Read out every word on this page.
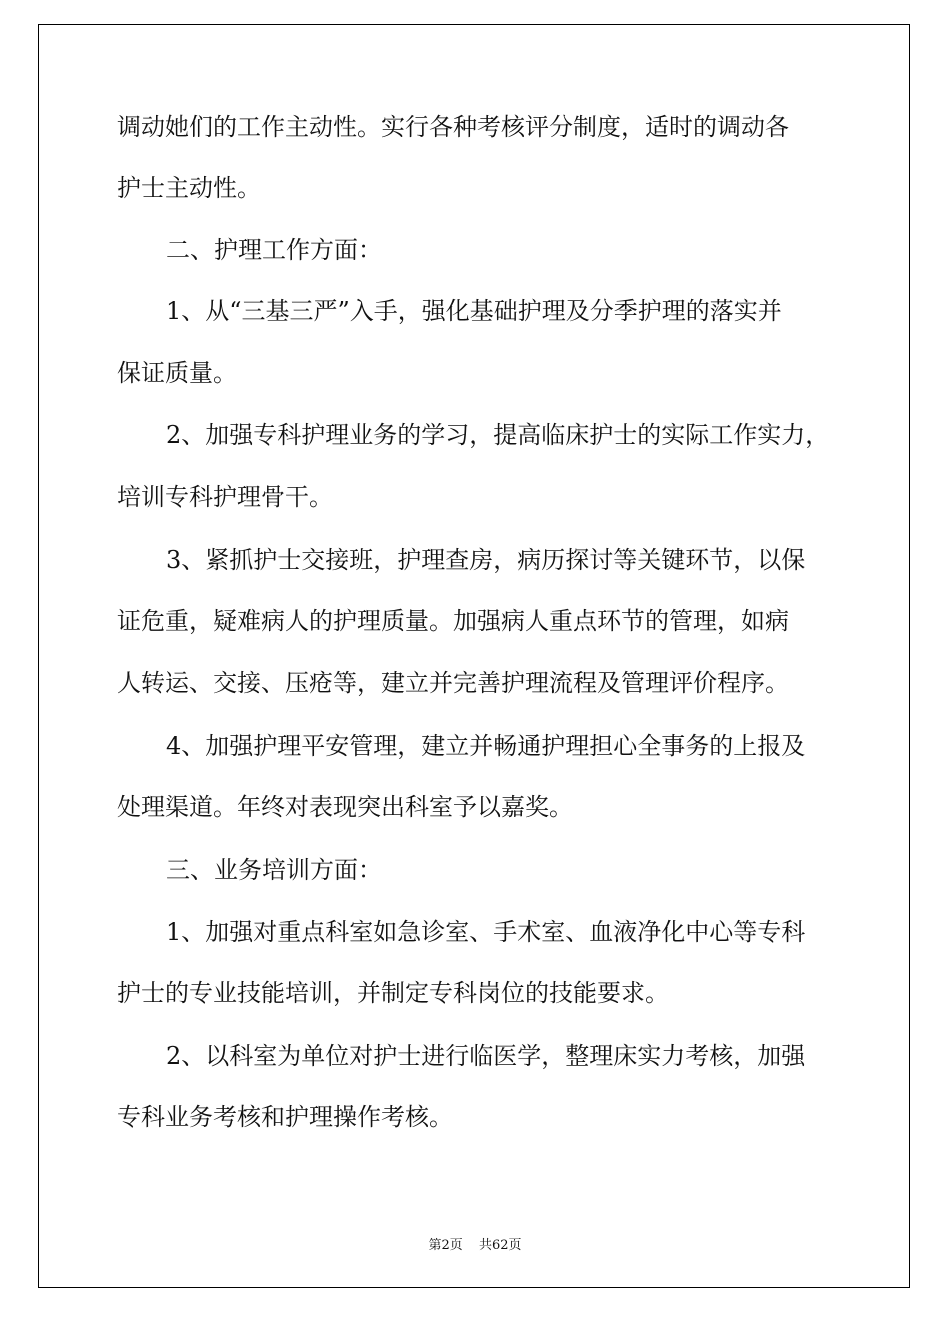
调动她们的工作主动性。实行各种考核评分制度，适时的调动各
护士主动性。
二、护理工作方面：
1、从“三基三严”入手，强化基础护理及分季护理的落实并
保证质量。
2、加强专科护理业务的学习，提高临床护士的实际工作实力，
培训专科护理骨干。
3、紧抓护士交接班，护理查房，病历探讨等关键环节，以保
证危重，疑难病人的护理质量。加强病人重点环节的管理，如病
人转运、交接、压疮等，建立并完善护理流程及管理评价程序。
4、加强护理平安管理，建立并畅通护理担心全事务的上报及
处理渠道。年终对表现突出科室予以嘉奖。
三、业务培训方面：
1、加强对重点科室如急诊室、手术室、血液净化中心等专科
护士的专业技能培训，并制定专科岗位的技能要求。
2、以科室为单位对护士进行临医学，整理床实力考核，加强
专科业务考核和护理操作考核。
第2页 共62页
